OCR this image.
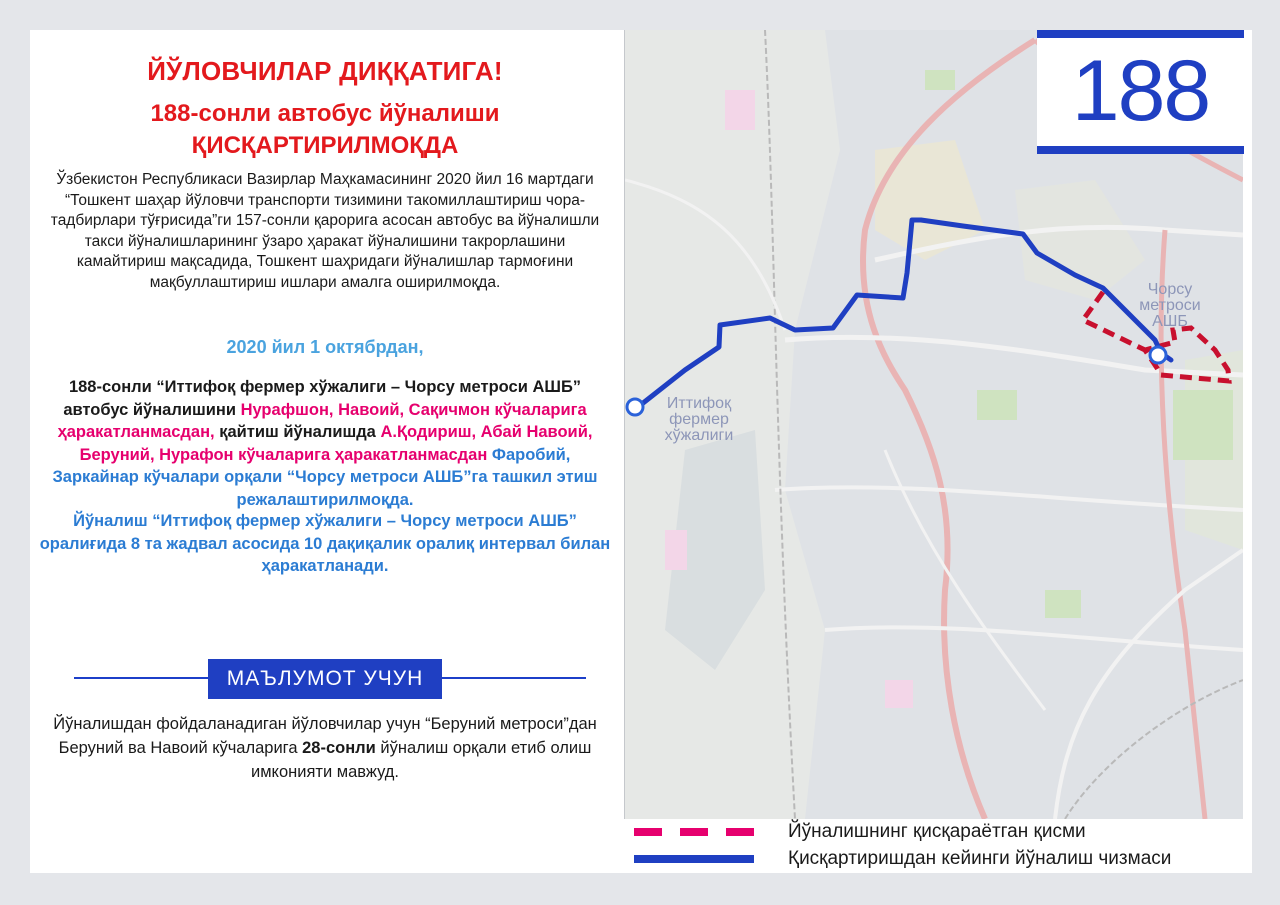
ЙЎЛОВЧИЛАР ДИҚҚАТИГА!
188-сонли автобус йўналиши
ҚИСҚАРТИРИЛМОҚДА
Ўзбекистон Республикаси Вазирлар Маҳкамасининг 2020 йил 16 мартдаги “Тошкент шаҳар йўловчи транспорти тизимини такомиллаштириш чора-тадбирлари тўғрисида”ги 157-сонли қарорига асосан автобус ва йўналишли такси йўналишларининг ўзаро ҳаракат йўналишини такрорлашини камайтириш мақсадида, Тошкент шаҳридаги йўналишлар тармоғини мақбуллаштириш ишлари амалга оширилмоқда.
2020 йил 1 октябрдан,
188-сонли “Иттифоқ фермер хўжалиги – Чорсу метроси АШБ” автобус йўналишини Нурафшон, Навоий, Сақичмон кўчаларига ҳаракатланмасдан, қайтиш йўналишда А.Қодириш, Абай Навоий, Беруний, Нурафон кўчаларига ҳаракатланмасдан Фаробий, Заркайнар кўчалари орқали “Чорсу метроси АШБ”га ташкил этиш режалаштирилмоқда.
Йўналиш “Иттифоқ фермер хўжалиги – Чорсу метроси АШБ” оралиғида 8 та жадвал асосида 10 дақиқалик оралиқ интервал билан ҳаракатланади.
МАЪЛУМОТ УЧУН
Йўналишдан фойдаланадиган йўловчилар учун “Беруний метроси”дан Беруний ва Навоий кўчаларига 28-сонли йўналиш орқали етиб олиш имконияти мавжуд.
Иттифоқ фермер хўжалиги
Чорсу метроси АШБ
188
Йўналишнинг қисқараётган қисми
Қисқартиришдан кейинги йўналиш чизмаси
